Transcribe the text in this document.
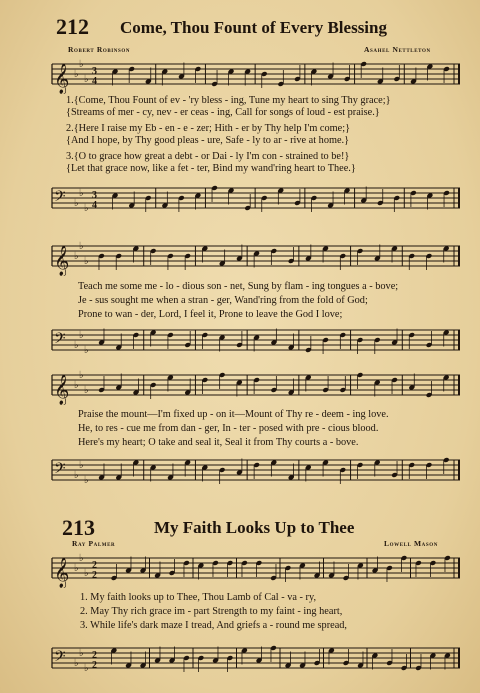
212 Come, Thou Fount of Every Blessing
Robert Robinson	Asahel Nettleton
𝄞 ♭
♭
♭
3
4
1.{Come, Thou Fount of ev - 'ry bless - ing, Tune my heart to sing Thy grace;}
{Streams of mer - cy, nev - er ceas - ing, Call for songs of loud - est praise.}
2.{Here I raise my Eb - en - e - zer; Hith - er by Thy help I'm come;}
{And I hope, by Thy good pleas - ure, Safe - ly to ar - rive at home.}
3.{O to grace how great a debt - or Dai - ly I'm con - strained to be!}
{Let that grace now, like a fet - ter, Bind my wand'ring heart to Thee.}
𝄢 ♭
♭
♭
3
4
𝄞 ♭
♭
♭
Teach me some me - lo - dious son - net, Sung by flam - ing tongues a - bove;
Je - sus sought me when a stran - ger, Wand'ring from the fold of God;
Prone to wan - der, Lord, I feel it, Prone to leave the God I love;
𝄢 ♭
♭
♭
𝄞 ♭
♭
♭
Praise the mount—I'm fixed up - on it—Mount of Thy re - deem - ing love.
He, to res - cue me from dan - ger, In - ter - posed with pre - cious blood.
Here's my heart; O take and seal it, Seal it from Thy courts a - bove.
𝄢 ♭
♭
♭
213	My Faith Looks Up to Thee
Ray Palmer	Lowell Mason
𝄞 ♭
♭
♭
2
2
1. My faith looks up to Thee, Thou Lamb of Cal - va - ry,
2. May Thy rich grace im - part Strength to my faint - ing heart,
3. While life's dark maze I tread, And griefs a - round me spread,
𝄢 ♭
♭
♭
2
2
